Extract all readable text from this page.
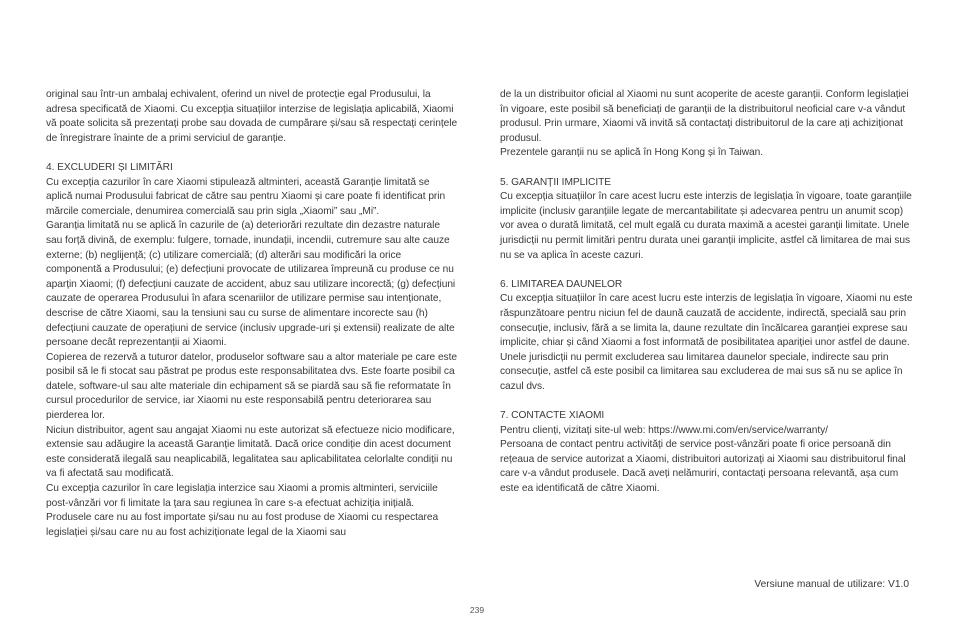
original sau într-un ambalaj echivalent, oferind un nivel de protecție egal Produsului, la adresa specificată de Xiaomi. Cu excepția situațiilor interzise de legislația aplicabilă, Xiaomi vă poate solicita să prezentați probe sau dovada de cumpărare și/sau să respectați cerințele de înregistrare înainte de a primi serviciul de garanție.

4. EXCLUDERI ȘI LIMITĂRI

Cu excepția cazurilor în care Xiaomi stipulează altminteri, această Garanție limitată se aplică numai Produsului fabricat de către sau pentru Xiaomi și care poate fi identificat prin mărcile comerciale, denumirea comercială sau prin sigla „Xiaomi” sau „Mi”.

Garanția limitată nu se aplică în cazurile de (a) deteriorări rezultate din dezastre naturale sau forță divină, de exemplu: fulgere, tornade, inundații, incendii, cutremure sau alte cauze externe; (b) neglijență; (c) utilizare comercială; (d) alterări sau modificări la orice componentă a Produsului; (e) defecțiuni provocate de utilizarea împreună cu produse ce nu aparțin Xiaomi; (f) defecțiuni cauzate de accident, abuz sau utilizare incorectă; (g) defecțiuni cauzate de operarea Produsului în afara scenariilor de utilizare permise sau intenționate, descrise de către Xiaomi, sau la tensiuni sau cu surse de alimentare incorecte sau (h) defecțiuni cauzate de operațiuni de service (inclusiv upgrade-uri și extensii) realizate de alte persoane decât reprezentanții ai Xiaomi.

Copierea de rezervă a tuturor datelor, produselor software sau a altor materiale pe care este posibil să le fi stocat sau păstrat pe produs este responsabilitatea dvs. Este foarte posibil ca datele, software-ul sau alte materiale din echipament să se piardă sau să fie reformatate în cursul procedurilor de service, iar Xiaomi nu este responsabilă pentru deteriorarea sau pierderea lor.

Niciun distribuitor, agent sau angajat Xiaomi nu este autorizat să efectueze nicio modificare, extensie sau adăugire la această Garanție limitată. Dacă orice condiție din acest document este considerată ilegală sau neaplicabilă, legalitatea sau aplicabilitatea celorlalte condiții nu va fi afectată sau modificată.

Cu excepția cazurilor în care legislația interzice sau Xiaomi a promis altminteri, serviciile post-vânzări vor fi limitate la țara sau regiunea în care s-a efectuat achiziția inițială.

Produsele care nu au fost importate și/sau nu au fost produse de Xiaomi cu respectarea legislației și/sau care nu au fost achiziționate legal de la Xiaomi sau

de la un distribuitor oficial al Xiaomi nu sunt acoperite de aceste garanții. Conform legislației în vigoare, este posibil să beneficiați de garanții de la distribuitorul neoficial care v-a vândut produsul. Prin urmare, Xiaomi vă invită să contactați distribuitorul de la care ați achiziționat produsul.

Prezentele garanții nu se aplică în Hong Kong și în Taiwan.

5. GARANȚII IMPLICITE

Cu excepția situațiilor în care acest lucru este interzis de legislația în vigoare, toate garanțiile implicite (inclusiv garanțiile legate de mercantabilitate și adecvarea pentru un anumit scop) vor avea o durată limitată, cel mult egală cu durata maximă a acestei garanții limitate. Unele jurisdicții nu permit limitări pentru durata unei garanții implicite, astfel că limitarea de mai sus nu se va aplica în aceste cazuri.

6. LIMITAREA DAUNELOR

Cu excepția situațiilor în care acest lucru este interzis de legislația în vigoare, Xiaomi nu este răspunzătoare pentru niciun fel de daună cauzată de accidente, indirectă, specială sau prin consecuție, inclusiv, fără a se limita la, daune rezultate din încălcarea garanției exprese sau implicite, chiar și când Xiaomi a fost informată de posibilitatea apariției unor astfel de daune. Unele jurisdicții nu permit excluderea sau limitarea daunelor speciale, indirecte sau prin consecuție, astfel că este posibil ca limitarea sau excluderea de mai sus să nu se aplice în cazul dvs.

7. CONTACTE XIAOMI

Pentru clienți, vizitați site-ul web: https://www.mi.com/en/service/warranty/

Persoana de contact pentru activități de service post-vânzări poate fi orice persoană din rețeaua de service autorizat a Xiaomi, distribuitori autorizați ai Xiaomi sau distribuitorul final care v-a vândut produsele. Dacă aveți nelămuriri, contactați persoana relevantă, așa cum este ea identificată de către Xiaomi.

Versiune manual de utilizare: V1.0
239
